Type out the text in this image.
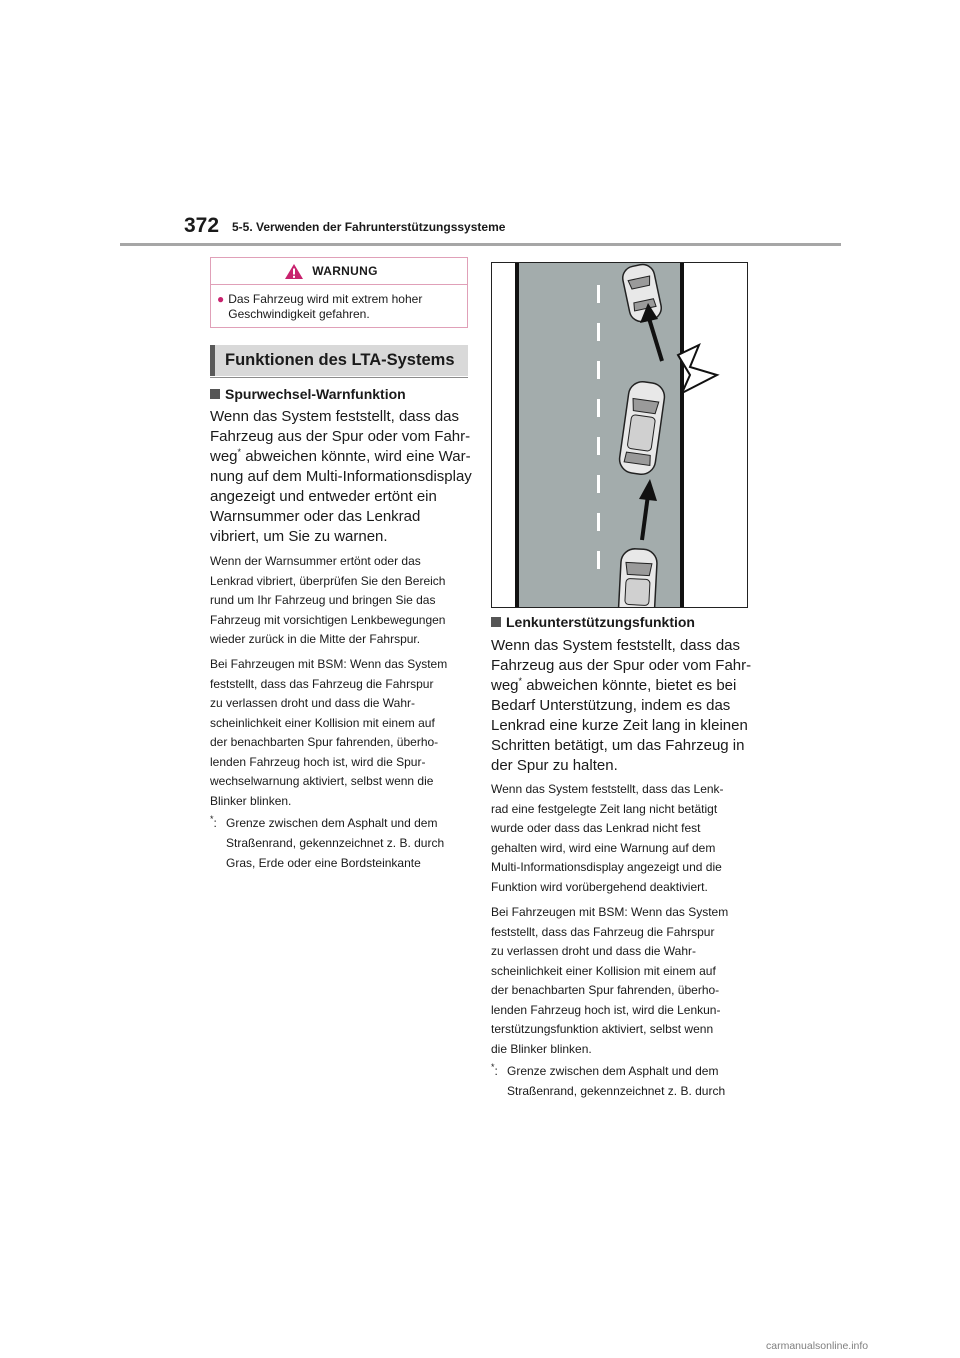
372 5-5. Verwenden der Fahrunterstützungssysteme
WARNUNG
● Das Fahrzeug wird mit extrem hoher
Geschwindigkeit gefahren.
Funktionen des LTA-Systems
Spurwechsel-Warnfunktion
Wenn das System feststellt, dass das
Fahrzeug aus der Spur oder vom Fahr-
weg* abweichen könnte, wird eine War-
nung auf dem Multi-Informationsdisplay
angezeigt und entweder ertönt ein
Warnsummer oder das Lenkrad
vibriert, um Sie zu warnen.
Wenn der Warnsummer ertönt oder das
Lenkrad vibriert, überprüfen Sie den Bereich
rund um Ihr Fahrzeug und bringen Sie das
Fahrzeug mit vorsichtigen Lenkbewegungen
wieder zurück in die Mitte der Fahrspur.
Bei Fahrzeugen mit BSM: Wenn das System
feststellt, dass das Fahrzeug die Fahrspur
zu verlassen droht und dass die Wahr-
scheinlichkeit einer Kollision mit einem auf
der benachbarten Spur fahrenden, überho-
lenden Fahrzeug hoch ist, wird die Spur-
wechselwarnung aktiviert, selbst wenn die
Blinker blinken.
*: Grenze zwischen dem Asphalt und dem
Straßenrand, gekennzeichnet z. B. durch
Gras, Erde oder eine Bordsteinkante
Lenkunterstützungsfunktion
Wenn das System feststellt, dass das
Fahrzeug aus der Spur oder vom Fahr-
weg* abweichen könnte, bietet es bei
Bedarf Unterstützung, indem es das
Lenkrad eine kurze Zeit lang in kleinen
Schritten betätigt, um das Fahrzeug in
der Spur zu halten.
Wenn das System feststellt, dass das Lenk-
rad eine festgelegte Zeit lang nicht betätigt
wurde oder dass das Lenkrad nicht fest
gehalten wird, wird eine Warnung auf dem
Multi-Informationsdisplay angezeigt und die
Funktion wird vorübergehend deaktiviert.
Bei Fahrzeugen mit BSM: Wenn das System
feststellt, dass das Fahrzeug die Fahrspur
zu verlassen droht und dass die Wahr-
scheinlichkeit einer Kollision mit einem auf
der benachbarten Spur fahrenden, überho-
lenden Fahrzeug hoch ist, wird die Lenkun-
terstützungsfunktion aktiviert, selbst wenn
die Blinker blinken.
*: Grenze zwischen dem Asphalt und dem
Straßenrand, gekennzeichnet z. B. durch
carmanualsonline.info
